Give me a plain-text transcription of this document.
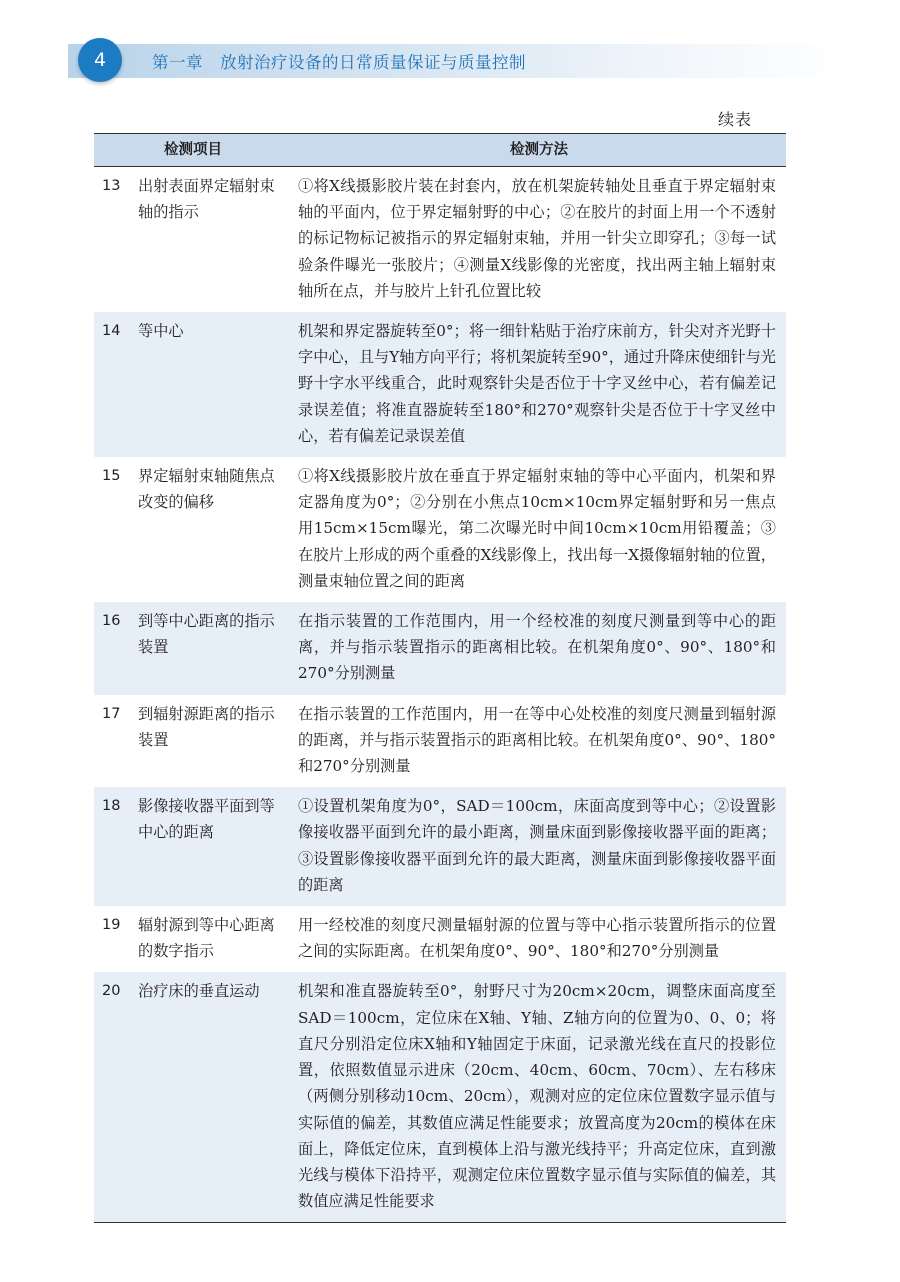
4	第一章　放射治疗设备的日常质量保证与质量控制
续表
检测项目		检测方法
13	出射表面界定辐射束轴的指示	①将X线摄影胶片装在封套内，放在机架旋转轴处且垂直于界定辐射束轴的平面内，位于界定辐射野的中心；②在胶片的封面上用一个不透射的标记物标记被指示的界定辐射束轴，并用一针尖立即穿孔；③每一试验条件曝光一张胶片；④测量X线影像的光密度，找出两主轴上辐射束轴所在点，并与胶片上针孔位置比较
14	等中心	机架和界定器旋转至0°；将一细针粘贴于治疗床前方，针尖对齐光野十字中心，且与Y轴方向平行；将机架旋转至90°，通过升降床使细针与光野十字水平线重合，此时观察针尖是否位于十字叉丝中心，若有偏差记录误差值；将准直器旋转至180°和270°观察针尖是否位于十字叉丝中心，若有偏差记录误差值
15	界定辐射束轴随焦点改变的偏移	①将X线摄影胶片放在垂直于界定辐射束轴的等中心平面内，机架和界定器角度为0°；②分别在小焦点10cm×10cm界定辐射野和另一焦点用15cm×15cm曝光，第二次曝光时中间10cm×10cm用铅覆盖；③在胶片上形成的两个重叠的X线影像上，找出每一X摄像辐射轴的位置，测量束轴位置之间的距离
16	到等中心距离的指示装置	在指示装置的工作范围内，用一个经校准的刻度尺测量到等中心的距离，并与指示装置指示的距离相比较。在机架角度0°、90°、180°和270°分别测量
17	到辐射源距离的指示装置	在指示装置的工作范围内，用一在等中心处校准的刻度尺测量到辐射源的距离，并与指示装置指示的距离相比较。在机架角度0°、90°、180°和270°分别测量
18	影像接收器平面到等中心的距离	①设置机架角度为0°，SAD＝100cm，床面高度到等中心；②设置影像接收器平面到允许的最小距离，测量床面到影像接收器平面的距离；③设置影像接收器平面到允许的最大距离，测量床面到影像接收器平面的距离
19	辐射源到等中心距离的数字指示	用一经校准的刻度尺测量辐射源的位置与等中心指示装置所指示的位置之间的实际距离。在机架角度0°、90°、180°和270°分别测量
20	治疗床的垂直运动	机架和准直器旋转至0°，射野尺寸为20cm×20cm，调整床面高度至SAD＝100cm，定位床在X轴、Y轴、Z轴方向的位置为0、0、0；将直尺分别沿定位床X轴和Y轴固定于床面，记录激光线在直尺的投影位置，依照数值显示进床（20cm、40cm、60cm、70cm）、左右移床（两侧分别移动10cm、20cm），观测对应的定位床位置数字显示值与实际值的偏差，其数值应满足性能要求；放置高度为20cm的模体在床面上，降低定位床，直到模体上沿与激光线持平；升高定位床，直到激光线与模体下沿持平，观测定位床位置数字显示值与实际值的偏差，其数值应满足性能要求
